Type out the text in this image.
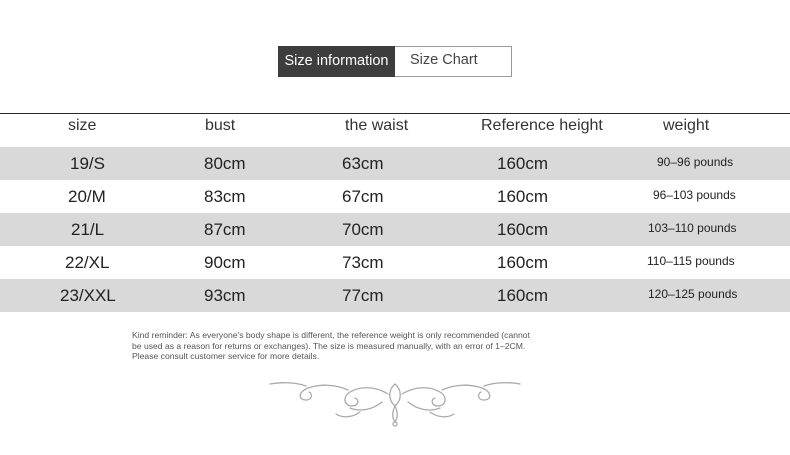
Size information	Size Chart
size	bust	the waist	Reference height	weight
19/S	80cm	63cm	160cm	90–96 pounds
20/M	83cm	67cm	160cm	96–103 pounds
21/L	87cm	70cm	160cm	103–110 pounds
22/XL	90cm	73cm	160cm	110–115 pounds
23/XXL	93cm	77cm	160cm	120–125 pounds
Kind reminder: As everyone's body shape is different, the reference weight is only recommended (cannot
be used as a reason for returns or exchanges). The size is measured manually, with an error of 1–2CM.
Please consult customer service for more details.
